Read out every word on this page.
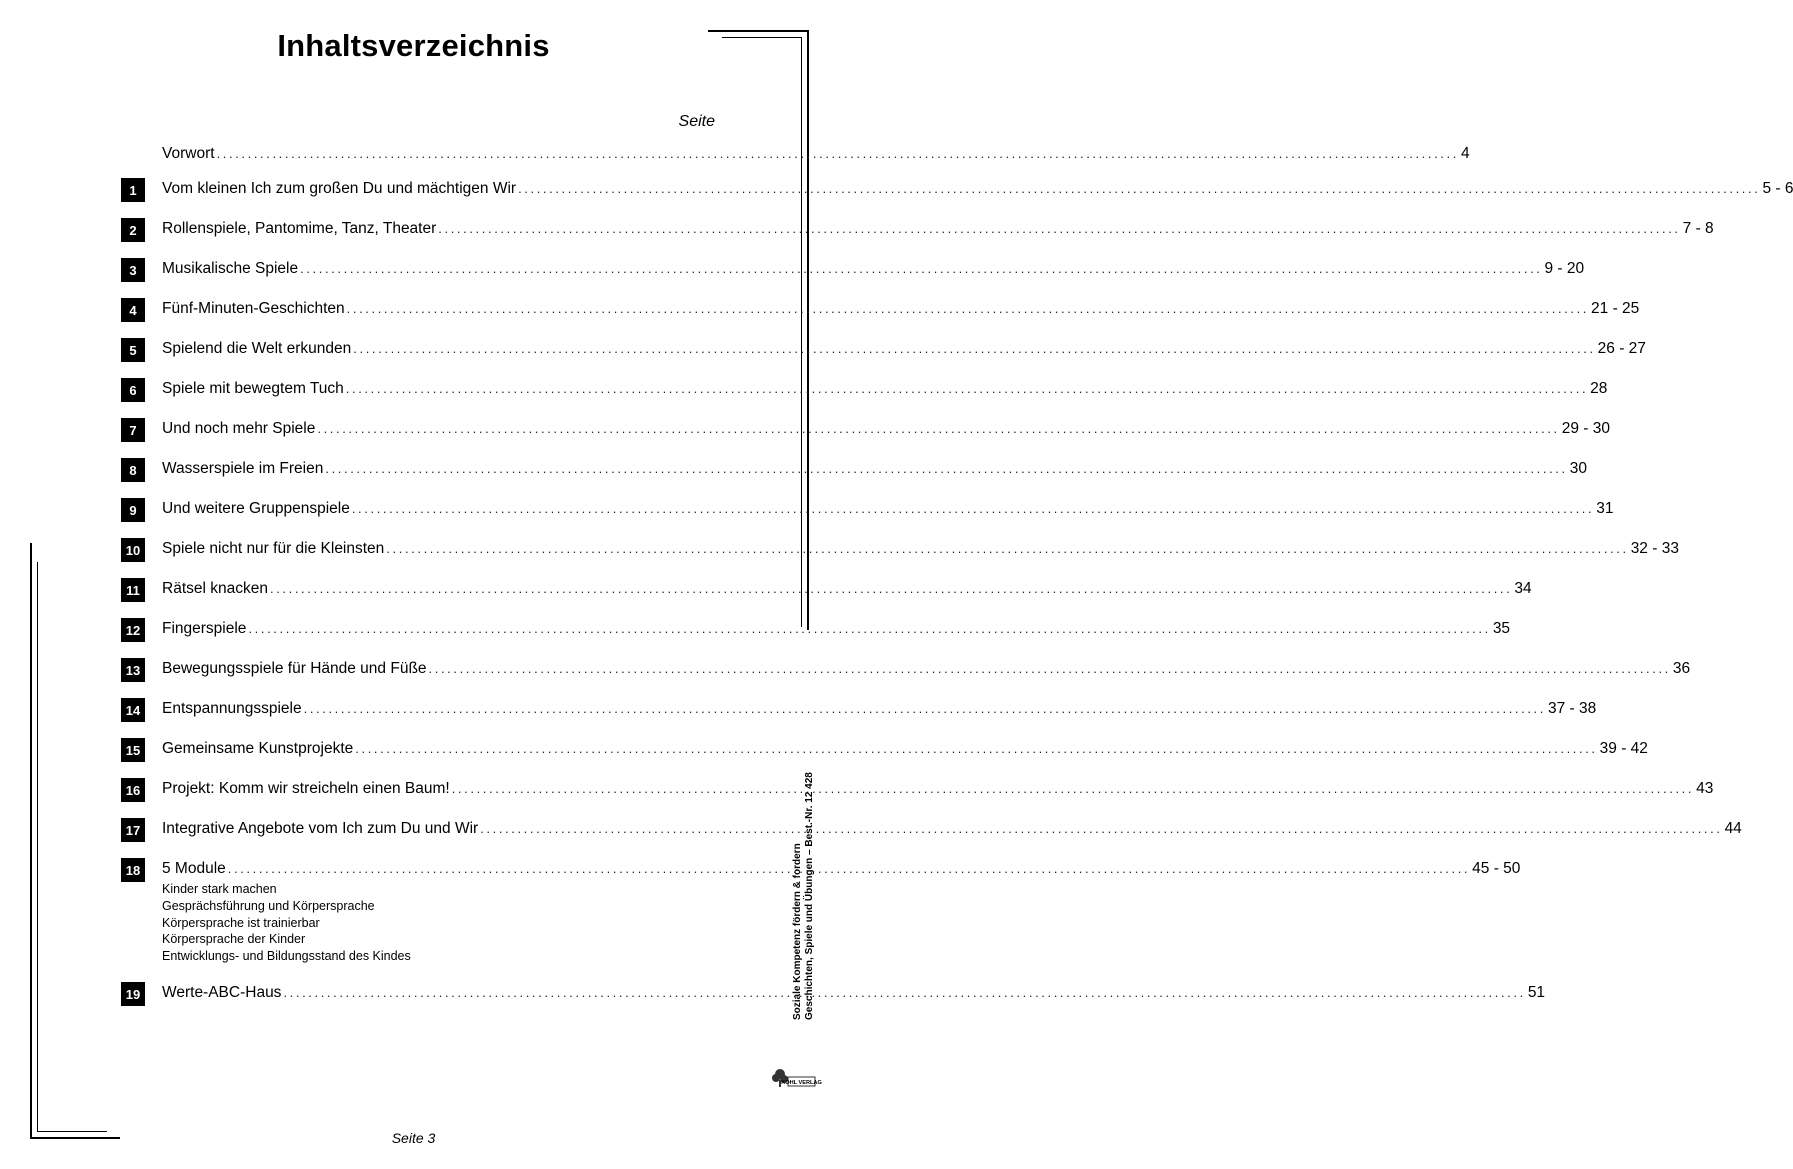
Inhaltsverzeichnis
Seite
Vorwort ........................................................................................................................................................................................................ 4
1	Vom kleinen Ich zum großen Du und mächtigen Wir ........................................................................................................................................................................................................ 5 - 6
2	Rollenspiele, Pantomime, Tanz, Theater ........................................................................................................................................................................................................ 7 - 8
3	Musikalische Spiele ........................................................................................................................................................................................................ 9 - 20
4	Fünf-Minuten-Geschichten ........................................................................................................................................................................................................ 21 - 25
5	Spielend die Welt erkunden ........................................................................................................................................................................................................ 26 - 27
6	Spiele mit bewegtem Tuch ........................................................................................................................................................................................................ 28
7	Und noch mehr Spiele ........................................................................................................................................................................................................ 29 - 30
8	Wasserspiele im Freien ........................................................................................................................................................................................................ 30
9	Und weitere Gruppenspiele ........................................................................................................................................................................................................ 31
10	Spiele nicht nur für die Kleinsten ........................................................................................................................................................................................................ 32 - 33
11	Rätsel knacken ........................................................................................................................................................................................................ 34
12	Fingerspiele ........................................................................................................................................................................................................ 35
13	Bewegungsspiele für Hände und Füße ........................................................................................................................................................................................................ 36
14	Entspannungsspiele ........................................................................................................................................................................................................ 37 - 38
15	Gemeinsame Kunstprojekte ........................................................................................................................................................................................................ 39 - 42
16	Projekt: Komm wir streicheln einen Baum! ........................................................................................................................................................................................................ 43
17	Integrative Angebote vom Ich zum Du und Wir ........................................................................................................................................................................................................ 44
18	5 Module ........................................................................................................................................................................................................ 45 - 50
19	Werte-ABC-Haus ........................................................................................................................................................................................................ 51
Kinder stark machen
Gesprächsführung und Körpersprache
Körpersprache ist trainierbar
Körpersprache der Kinder
Entwicklungs- und Bildungsstand des Kindes
Seite 3
Soziale Kompetenz fördern & fordern Geschichten, Spiele und Übungen – Best.-Nr. 12 428
KOHL VERLAG
